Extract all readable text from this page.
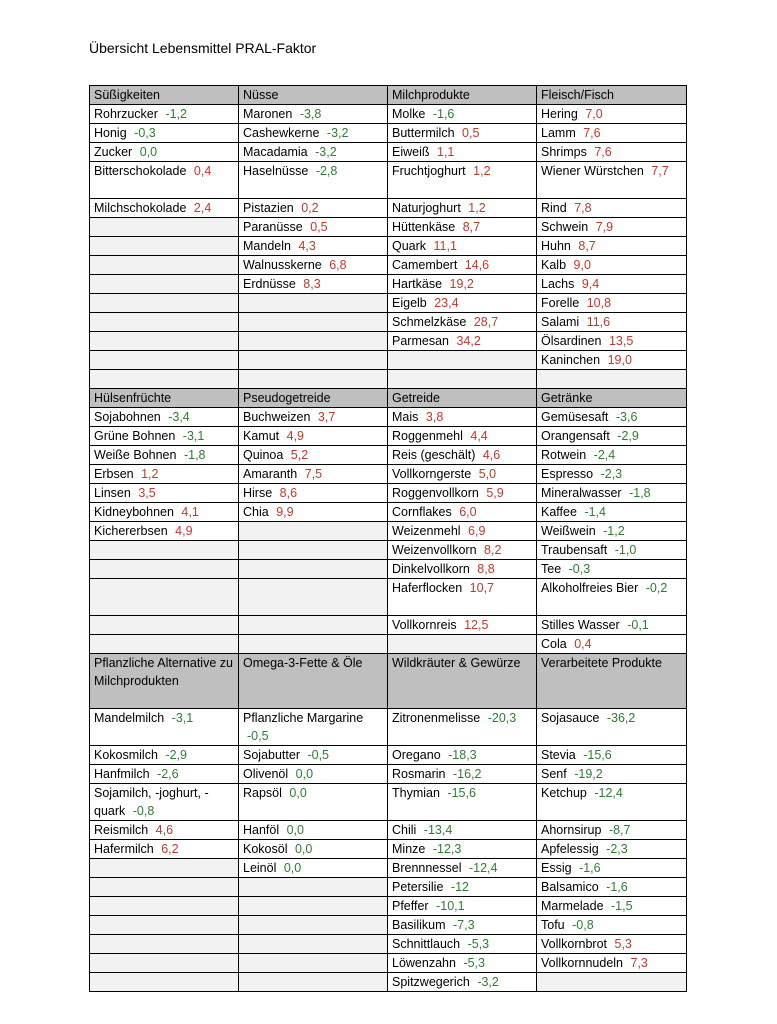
Übersicht Lebensmittel PRAL-Faktor
Süßigkeiten	Nüsse	Milchprodukte	Fleisch/Fisch
Rohrzucker -1,2	Maronen -3,8	Molke -1,6	Hering 7,0
Honig -0,3	Cashewkerne -3,2	Buttermilch 0,5	Lamm 7,6
Zucker 0,0	Macadamia -3,2	Eiweiß 1,1	Shrimps 7,6
Bitterschokolade 0,4	Haselnüsse -2,8	Fruchtjoghurt 1,2	Wiener Würstchen 7,7
Milchschokolade 2,4	Pistazien 0,2	Naturjoghurt 1,2	Rind 7,8
	Paranüsse 0,5	Hüttenkäse 8,7	Schwein 7,9
	Mandeln 4,3	Quark 11,1	Huhn 8,7
	Walnusskerne 6,8	Camembert 14,6	Kalb 9,0
	Erdnüsse 8,3	Hartkäse 19,2	Lachs 9,4
		Eigelb 23,4	Forelle 10,8
		Schmelzkäse 28,7	Salami 11,6
		Parmesan 34,2	Ölsardinen 13,5
			Kaninchen 19,0

Hülsenfrüchte	Pseudogetreide	Getreide	Getränke
Sojabohnen -3,4	Buchweizen 3,7	Mais 3,8	Gemüsesaft -3,6
Grüne Bohnen -3,1	Kamut 4,9	Roggenmehl 4,4	Orangensaft -2,9
Weiße Bohnen -1,8	Quinoa 5,2	Reis (geschält) 4,6	Rotwein -2,4
Erbsen 1,2	Amaranth 7,5	Vollkorngerste 5,0	Espresso -2,3
Linsen 3,5	Hirse 8,6	Roggenvollkorn 5,9	Mineralwasser -1,8
Kidneybohnen 4,1	Chia 9,9	Cornflakes 6,0	Kaffee -1,4
Kichererbsen 4,9		Weizenmehl 6,9	Weißwein -1,2
		Weizenvollkorn 8,2	Traubensaft -1,0
		Dinkelvollkorn 8,8	Tee -0,3
		Haferflocken 10,7	Alkoholfreies Bier -0,2
		Vollkornreis 12,5	Stilles Wasser -0,1
			Cola 0,4
Pflanzliche Alternative zu Milchprodukten	Omega-3-Fette & Öle	Wildkräuter & Gewürze	Verarbeitete Produkte
Mandelmilch -3,1	Pflanzliche Margarine -0,5	Zitronenmelisse -20,3	Sojasauce -36,2
Kokosmilch -2,9	Sojabutter -0,5	Oregano -18,3	Stevia -15,6
Hanfmilch -2,6	Olivenöl 0,0	Rosmarin -16,2	Senf -19,2
Sojamilch, -joghurt, -quark -0,8	Rapsöl 0,0	Thymian -15,6	Ketchup -12,4
Reismilch 4,6	Hanföl 0,0	Chili -13,4	Ahornsirup -8,7
Hafermilch 6,2	Kokosöl 0,0	Minze -12,3	Apfelessig -2,3
	Leinöl 0,0	Brennnessel -12,4	Essig -1,6
		Petersilie -12	Balsamico -1,6
		Pfeffer -10,1	Marmelade -1,5
		Basilikum -7,3	Tofu -0,8
		Schnittlauch -5,3	Vollkornbrot 5,3
		Löwenzahn -5,3	Vollkornnudeln 7,3
		Spitzwegerich -3,2	
